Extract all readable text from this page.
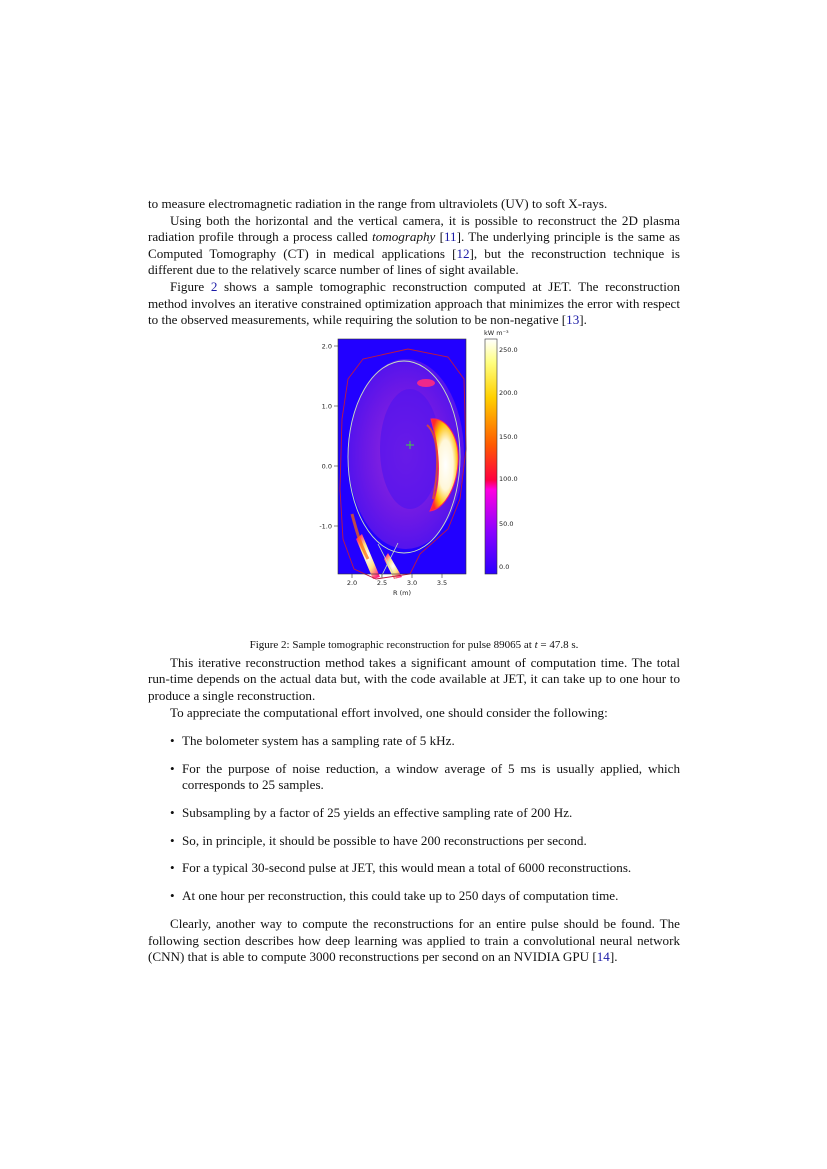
to measure electromagnetic radiation in the range from ultraviolets (UV) to soft X-rays.

Using both the horizontal and the vertical camera, it is possible to reconstruct the 2D plasma radiation profile through a process called tomography [11]. The underlying principle is the same as Computed Tomography (CT) in medical applications [12], but the reconstruction technique is different due to the relatively scarce number of lines of sight available.

Figure 2 shows a sample tomographic reconstruction computed at JET. The reconstruction method involves an iterative constrained optimization approach that minimizes the error with respect to the observed measurements, while requiring the solution to be non-negative [13].

2.0
1.0
0.0
-1.0
2.0	2.5	3.0	3.5
R (m)
kW m⁻³
250.0
200.0
150.0
100.0
50.0
0.0
Figure 2: Sample tomographic reconstruction for pulse 89065 at t = 47.8 s.

This iterative reconstruction method takes a significant amount of computation time. The total run-time depends on the actual data but, with the code available at JET, it can take up to one hour to produce a single reconstruction.

To appreciate the computational effort involved, one should consider the following:

• The bolometer system has a sampling rate of 5 kHz.
• For the purpose of noise reduction, a window average of 5 ms is usually applied, which corresponds to 25 samples.
• Subsampling by a factor of 25 yields an effective sampling rate of 200 Hz.
• So, in principle, it should be possible to have 200 reconstructions per second.
• For a typical 30-second pulse at JET, this would mean a total of 6000 reconstructions.
• At one hour per reconstruction, this could take up to 250 days of computation time.

Clearly, another way to compute the reconstructions for an entire pulse should be found. The following section describes how deep learning was applied to train a convolutional neural network (CNN) that is able to compute 3000 reconstructions per second on an NVIDIA GPU [14].
